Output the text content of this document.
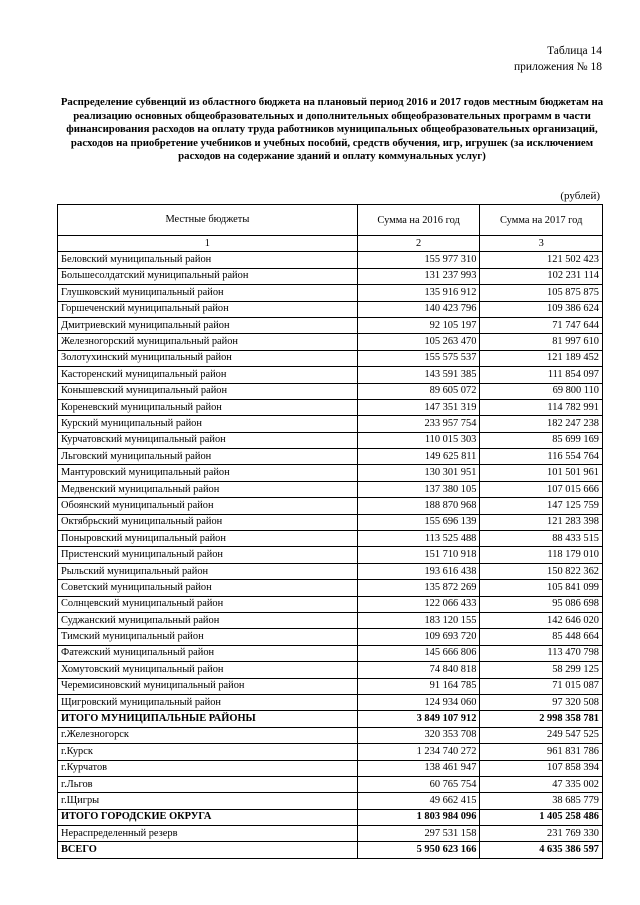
Таблица 14
приложения № 18
Распределение субвенций из областного бюджета на плановый период 2016 и 2017 годов местным бюджетам на реализацию основных общеобразовательных и дополнительных общеобразовательных программ в части финансирования расходов на оплату труда работников муниципальных общеобразовательных организаций, расходов на приобретение учебников и учебных пособий, средств обучения, игр, игрушек (за исключением расходов на содержание зданий и оплату коммунальных услуг)
(рублей)
Местные бюджеты	Сумма на 2016 год	Сумма на 2017 год
1	2	3
Беловский муниципальный район	155 977 310	121 502 423
Большесолдатский муниципальный район	131 237 993	102 231 114
Глушковский муниципальный район	135 916 912	105 875 875
Горшеченский муниципальный район	140 423 796	109 386 624
Дмитриевский муниципальный район	92 105 197	71 747 644
Железногорский муниципальный район	105 263 470	81 997 610
Золотухинский муниципальный район	155 575 537	121 189 452
Касторенский муниципальный район	143 591 385	111 854 097
Конышевский муниципальный район	89 605 072	69 800 110
Кореневский муниципальный район	147 351 319	114 782 991
Курский муниципальный район	233 957 754	182 247 238
Курчатовский муниципальный район	110 015 303	85 699 169
Льговский муниципальный район	149 625 811	116 554 764
Мантуровский муниципальный район	130 301 951	101 501 961
Медвенский муниципальный район	137 380 105	107 015 666
Обоянский муниципальный район	188 870 968	147 125 759
Октябрьский муниципальный район	155 696 139	121 283 398
Поныровский муниципальный район	113 525 488	88 433 515
Пристенский муниципальный район	151 710 918	118 179 010
Рыльский муниципальный район	193 616 438	150 822 362
Советский муниципальный район	135 872 269	105 841 099
Солнцевский муниципальный район	122 066 433	95 086 698
Суджанский муниципальный район	183 120 155	142 646 020
Тимский муниципальный район	109 693 720	85 448 664
Фатежский муниципальный район	145 666 806	113 470 798
Хомутовский муниципальный район	74 840 818	58 299 125
Черемисиновский муниципальный район	91 164 785	71 015 087
Щигровский муниципальный район	124 934 060	97 320 508
ИТОГО МУНИЦИПАЛЬНЫЕ РАЙОНЫ	3 849 107 912	2 998 358 781
г.Железногорск	320 353 708	249 547 525
г.Курск	1 234 740 272	961 831 786
г.Курчатов	138 461 947	107 858 394
г.Льгов	60 765 754	47 335 002
г.Щигры	49 662 415	38 685 779
ИТОГО ГОРОДСКИЕ ОКРУГА	1 803 984 096	1 405 258 486
Нераспределенный резерв	297 531 158	231 769 330
ВСЕГО	5 950 623 166	4 635 386 597
